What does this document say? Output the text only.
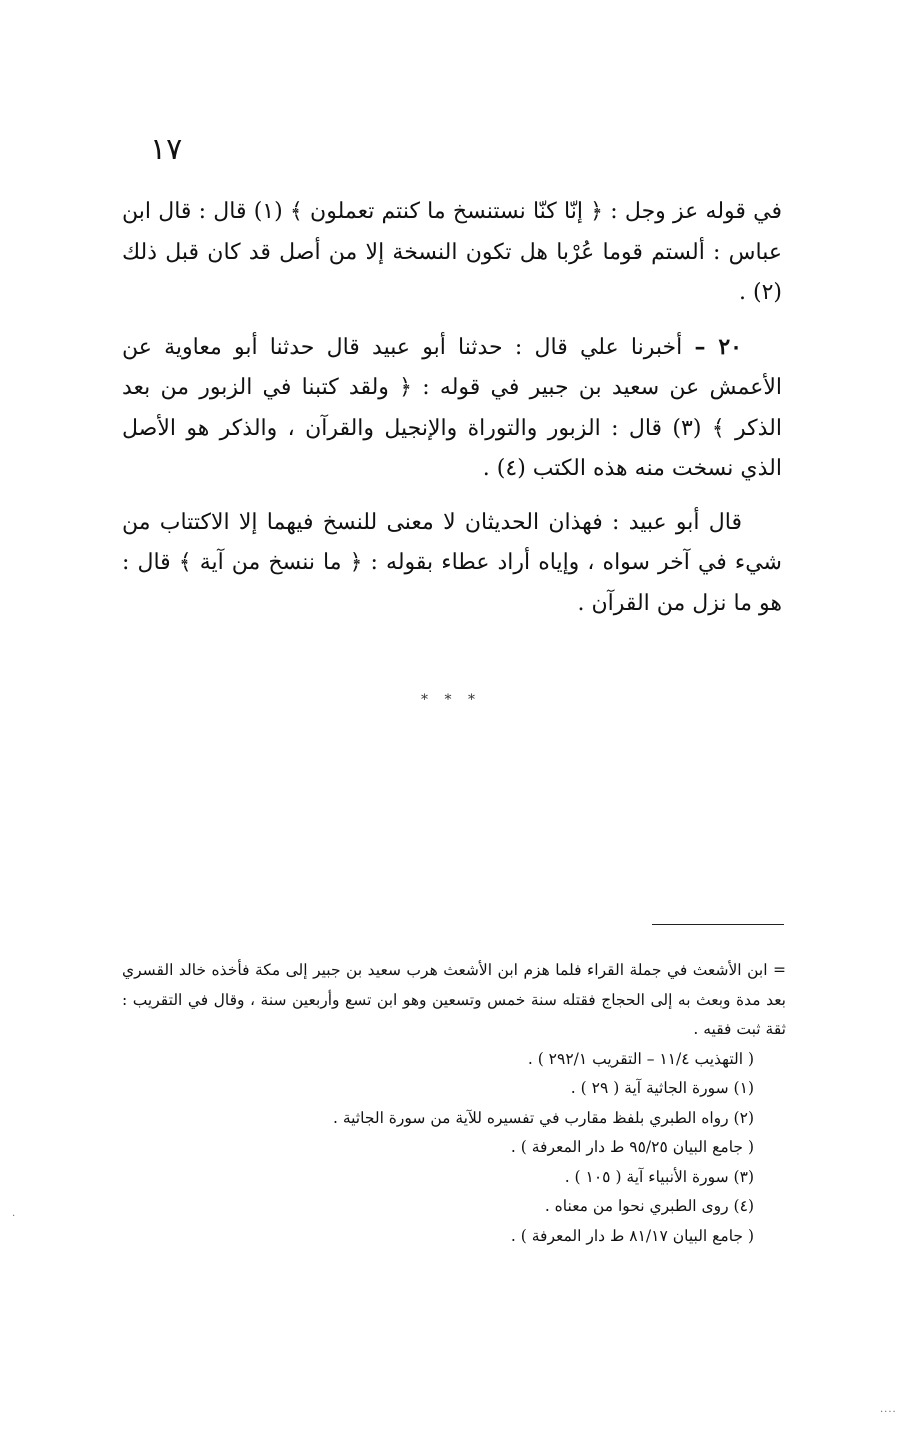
١٧

في قوله عز وجل : ﴿ إنّا كنّا نستنسخ ما كنتم تعملون ﴾ (١) قال : قال ابن عباس : ألستم قوما عُرْبا هل تكون النسخة إلا من أصل قد كان قبل ذلك (٢) .

٢٠ – أخبرنا علي قال : حدثنا أبو عبيد قال حدثنا أبو معاوية عن الأعمش عن سعيد بن جبير في قوله : ﴿ ولقد كتبنا في الزبور من بعد الذكر ﴾ (٣) قال : الزبور والتوراة والإنجيل والقرآن ، والذكر هو الأصل الذي نسخت منه هذه الكتب (٤) .

قال أبو عبيد : فهذان الحديثان لا معنى للنسخ فيهما إلا الاكتتاب من شيء في آخر سواه ، وإياه أراد عطاء بقوله : ﴿ ما ننسخ من آية ﴾ قال : هو ما نزل من القرآن .

* * *
= ابن الأشعث في جملة القراء فلما هزم ابن الأشعث هرب سعيد بن جبير إلى مكة فأخذه خالد القسري بعد مدة وبعث به إلى الحجاج فقتله سنة خمس وتسعين وهو ابن تسع وأربعين سنة ، وقال في التقريب : ثقة ثبت فقيه .
( التهذيب ١١/٤ – التقريب ٢٩٢/١ ) .
(١) سورة الجاثية آية ( ٢٩ ) .
(٢) رواه الطبري بلفظ مقارب في تفسيره للآية من سورة الجاثية .
( جامع البيان ٩٥/٢٥ ط دار المعرفة ) .
(٣) سورة الأنبياء آية ( ١٠٥ ) .
(٤) روى الطبري نحوا من معناه .
( جامع البيان ٨١/١٧ ط دار المعرفة ) .
.
....
